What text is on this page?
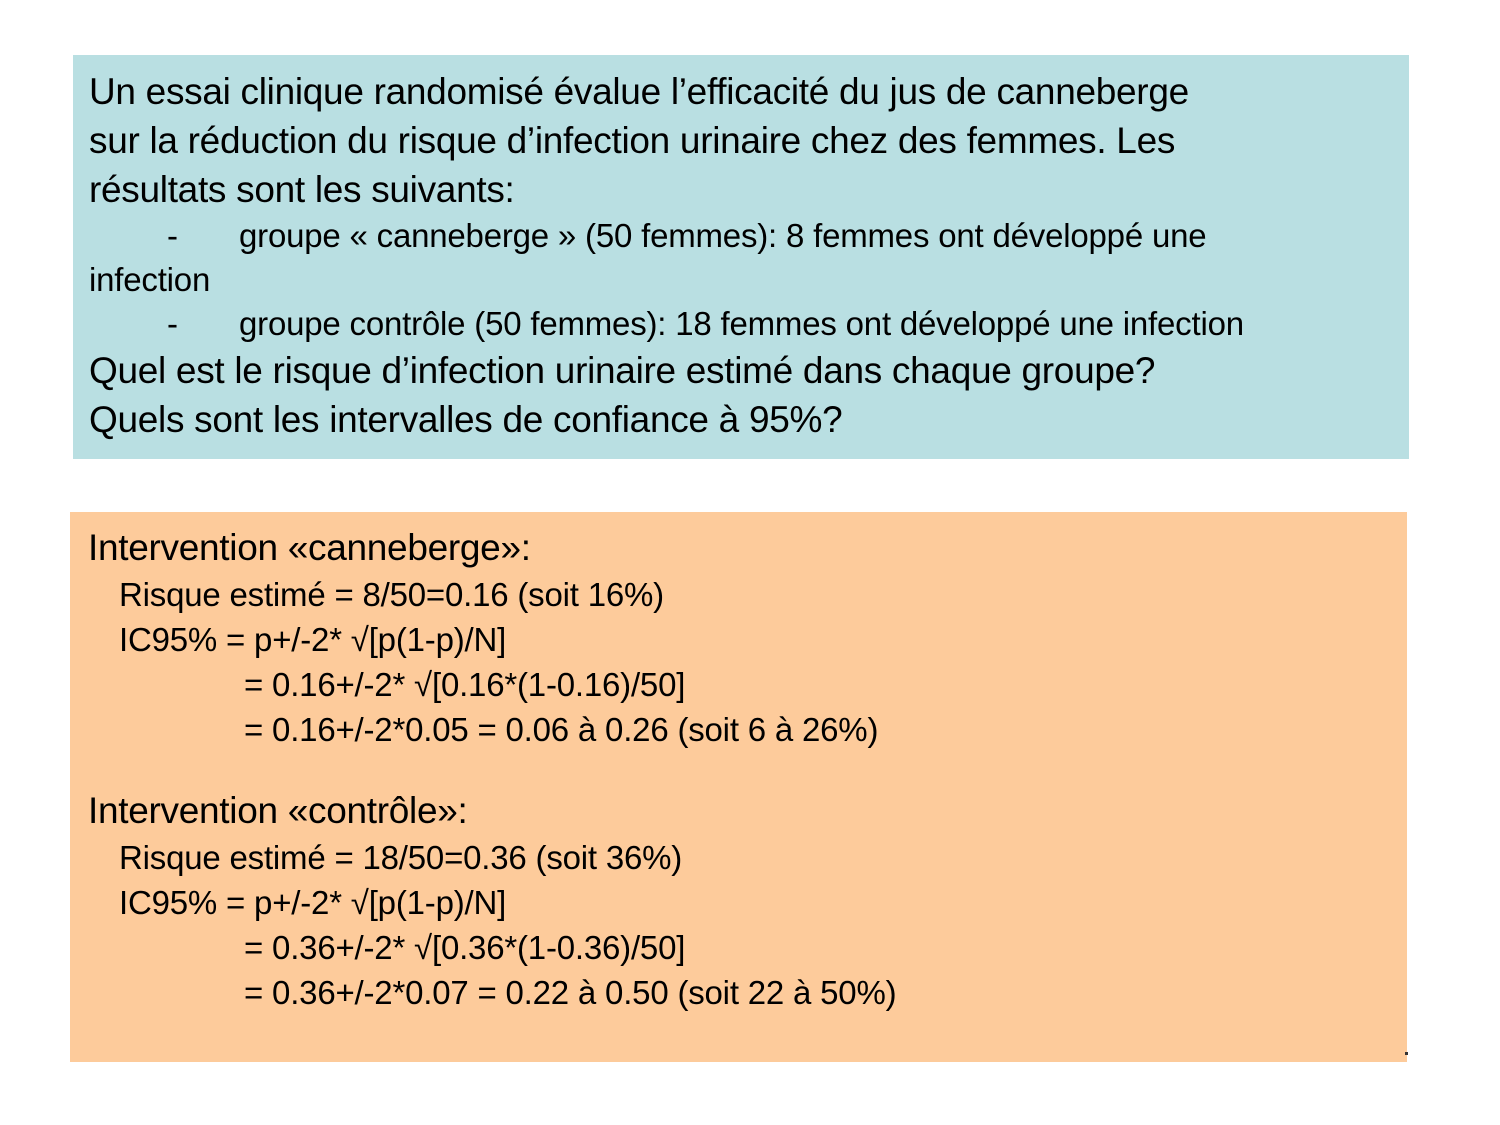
Un essai clinique randomisé évalue l’efficacité du jus de canneberge
sur la réduction du risque d’infection urinaire chez des femmes. Les
résultats sont les suivants:
-	groupe « canneberge » (50 femmes): 8 femmes ont développé une
infection
-	groupe contrôle (50 femmes): 18 femmes ont développé une infection
Quel est le risque d’infection urinaire estimé dans chaque groupe?
Quels sont les intervalles de confiance à 95%?
Intervention «canneberge»:
Risque estimé = 8/50=0.16 (soit 16%)
IC95% = p+/-2* √[p(1-p)/N]
= 0.16+/-2* √[0.16*(1-0.16)/50]
= 0.16+/-2*0.05 = 0.06 à 0.26 (soit 6 à 26%)
Intervention «contrôle»:
Risque estimé = 18/50=0.36 (soit 36%)
IC95% = p+/-2* √[p(1-p)/N]
= 0.36+/-2* √[0.36*(1-0.36)/50]
= 0.36+/-2*0.07 = 0.22 à 0.50 (soit 22 à 50%)
